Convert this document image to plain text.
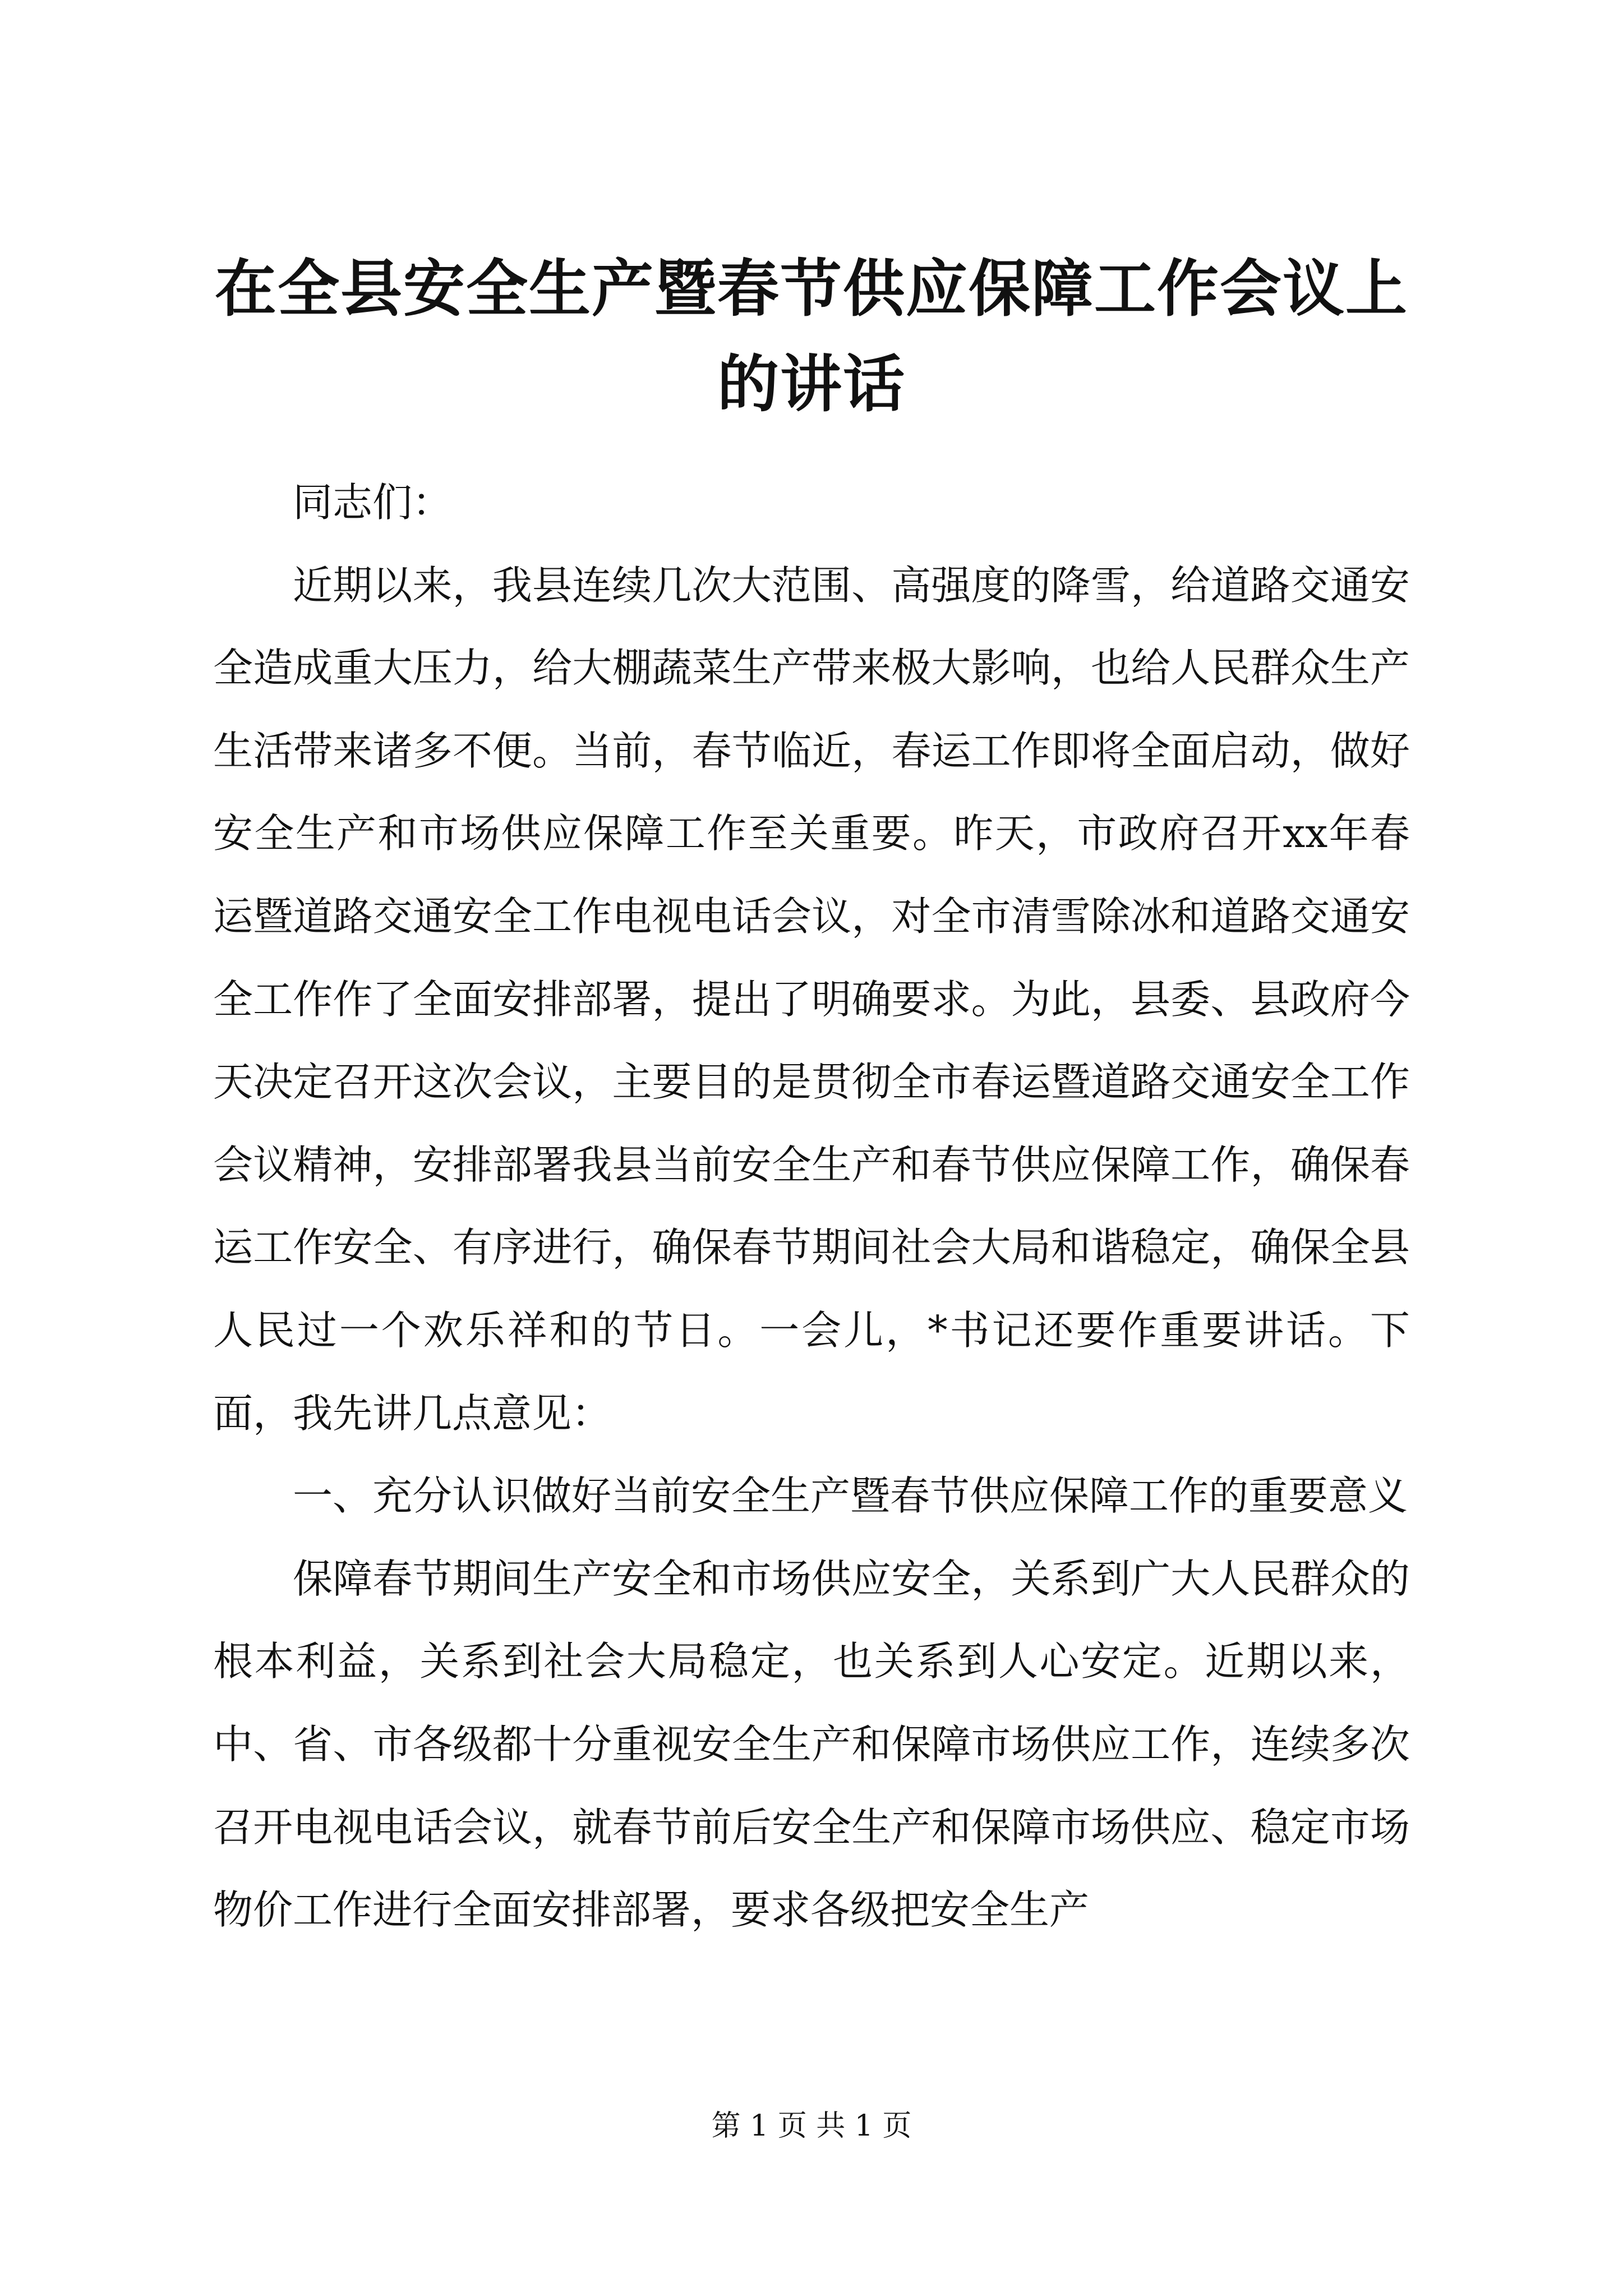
在全县安全生产暨春节供应保障工作会议上的讲话

同志们：

近期以来，我县连续几次大范围、高强度的降雪，给道路交通安全造成重大压力，给大棚蔬菜生产带来极大影响，也给人民群众生产生活带来诸多不便。当前，春节临近，春运工作即将全面启动，做好安全生产和市场供应保障工作至关重要。昨天，市政府召开xx年春运暨道路交通安全工作电视电话会议，对全市清雪除冰和道路交通安全工作作了全面安排部署，提出了明确要求。为此，县委、县政府今天决定召开这次会议，主要目的是贯彻全市春运暨道路交通安全工作会议精神，安排部署我县当前安全生产和春节供应保障工作，确保春运工作安全、有序进行，确保春节期间社会大局和谐稳定，确保全县人民过一个欢乐祥和的节日。一会儿，*书记还要作重要讲话。下面，我先讲几点意见：

一、充分认识做好当前安全生产暨春节供应保障工作的重要意义

保障春节期间生产安全和市场供应安全，关系到广大人民群众的根本利益，关系到社会大局稳定，也关系到人心安定。近期以来，中、省、市各级都十分重视安全生产和保障市场供应工作，连续多次召开电视电话会议，就春节前后安全生产和保障市场供应、稳定市场物价工作进行全面安排部署，要求各级把安全生产

第 1 页 共 1 页
